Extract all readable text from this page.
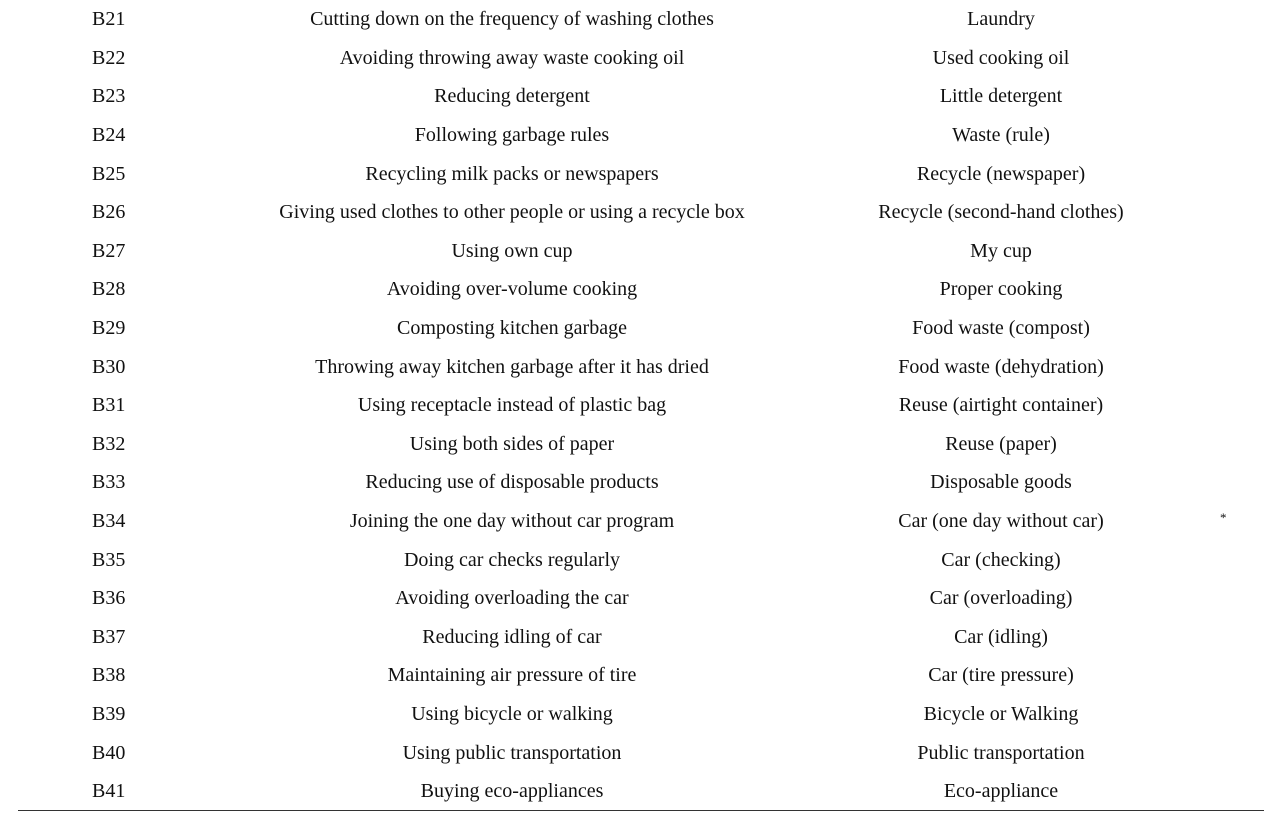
B21	Cutting down on the frequency of washing clothes	Laundry	
B22	Avoiding throwing away waste cooking oil	Used cooking oil	
B23	Reducing detergent	Little detergent	
B24	Following garbage rules	Waste (rule)	
B25	Recycling milk packs or newspapers	Recycle (newspaper)	
B26	Giving used clothes to other people or using a recycle box	Recycle (second-hand clothes)	
B27	Using own cup	My cup	
B28	Avoiding over-volume cooking	Proper cooking	
B29	Composting kitchen garbage	Food waste (compost)	
B30	Throwing away kitchen garbage after it has dried	Food waste (dehydration)	
B31	Using receptacle instead of plastic bag	Reuse (airtight container)	
B32	Using both sides of paper	Reuse (paper)	
B33	Reducing use of disposable products	Disposable goods	
B34	Joining the one day without car program	Car (one day without car)	*
B35	Doing car checks regularly	Car (checking)	
B36	Avoiding overloading the car	Car (overloading)	
B37	Reducing idling of car	Car (idling)	
B38	Maintaining air pressure of tire	Car (tire pressure)	
B39	Using bicycle or walking	Bicycle or Walking	
B40	Using public transportation	Public transportation	
B41	Buying eco-appliances	Eco-appliance	
